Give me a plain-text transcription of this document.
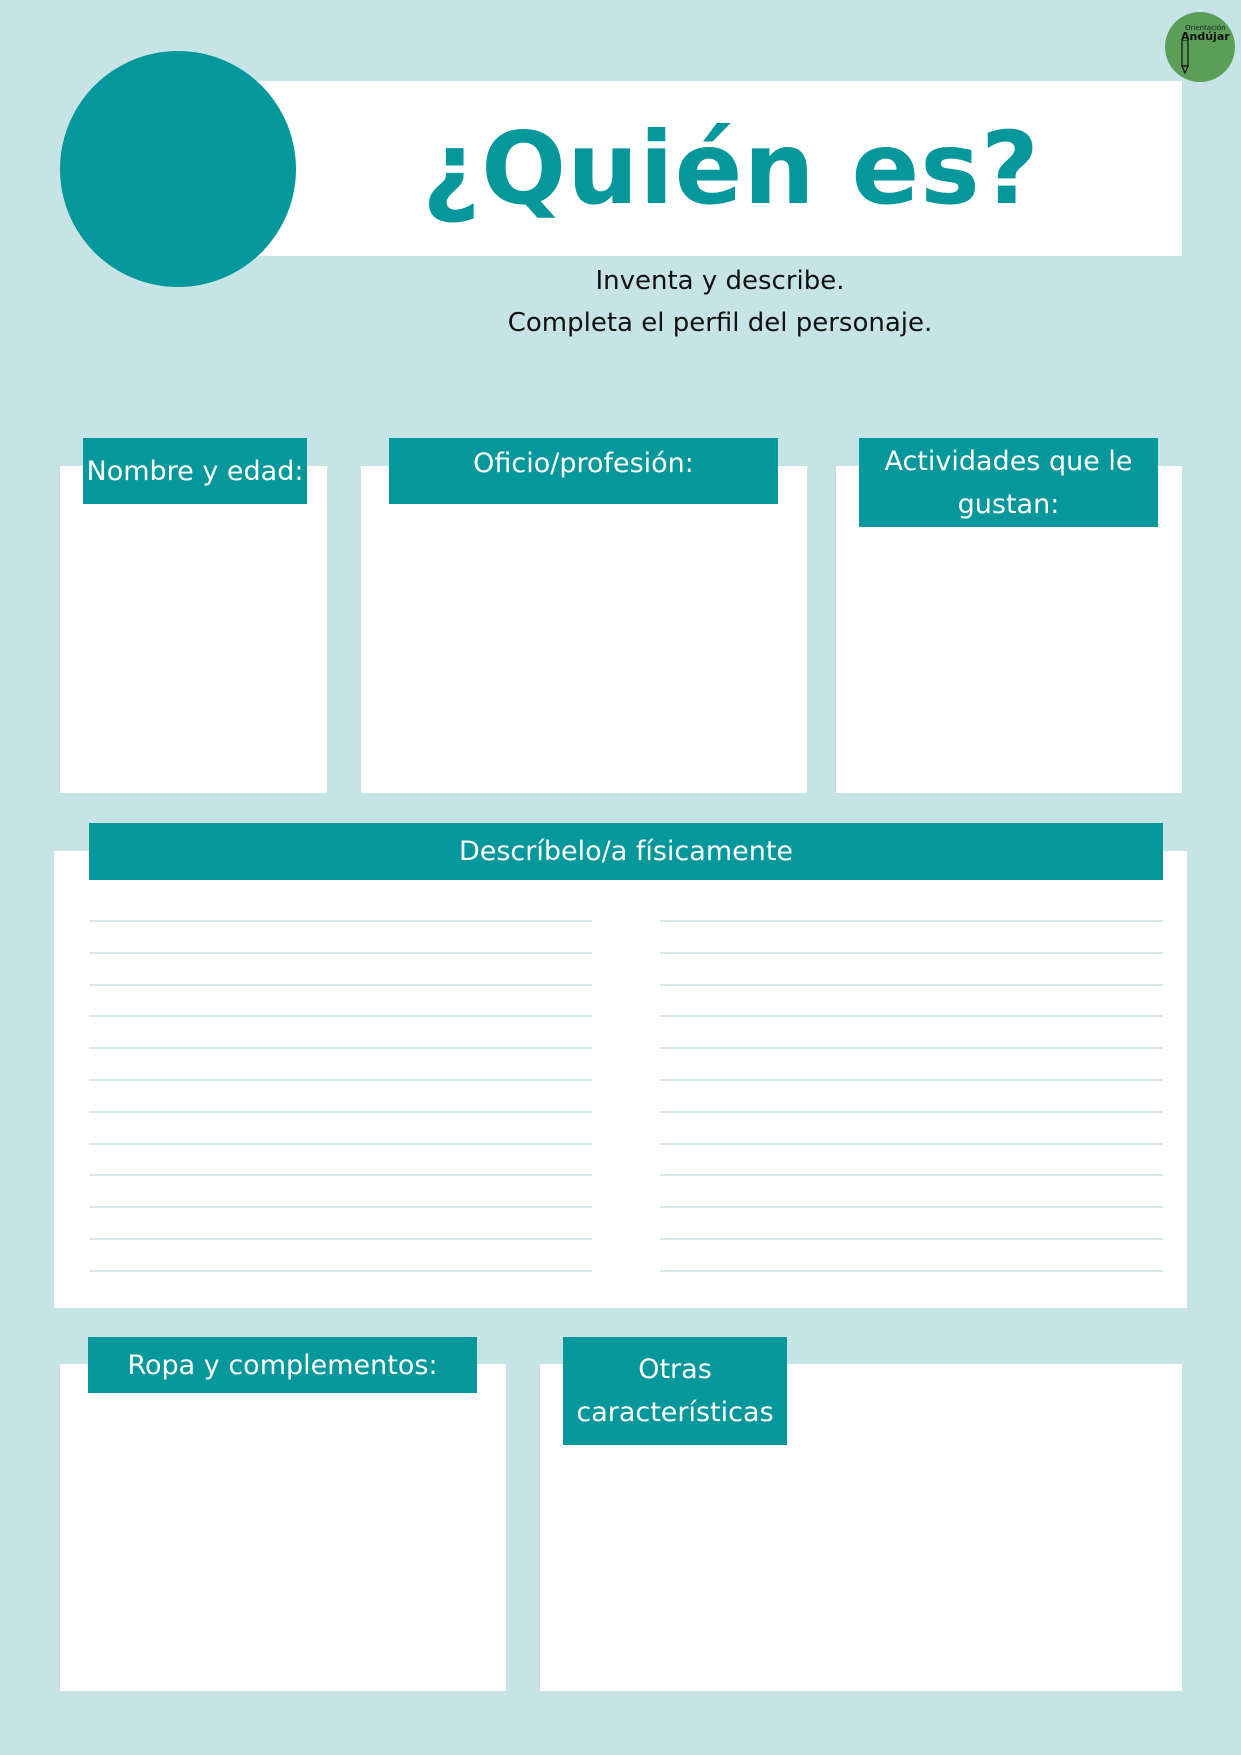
Orientación
Andújar
¿Quién es?
Inventa y describe.
Completa el perfil del personaje.
Nombre y edad:	Oficio/profesión:	Actividades que le
gustan:
Descríbelo/a físicamente
Ropa y complementos:	Otras
características
